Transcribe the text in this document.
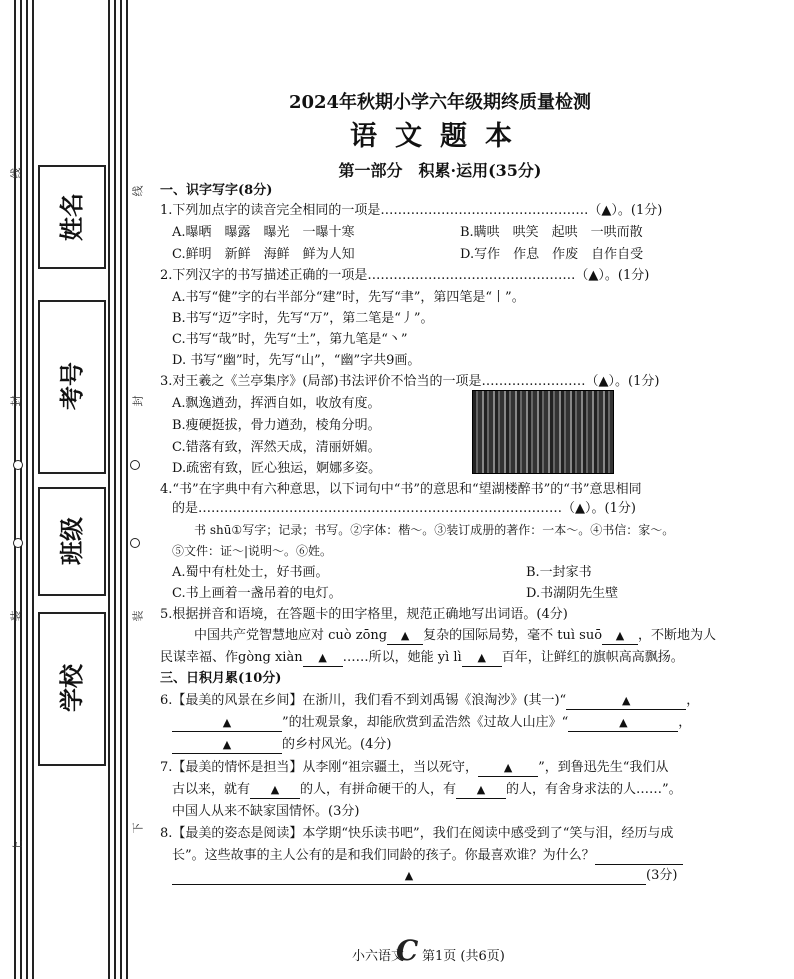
姓名
考号
班级
学校
线
封
装
上
线
封
装
下
2024年秋期小学六年级期终质量检测
语文题本
第一部分　积累·运用(35分)
一、识字写字(8分)
1.下列加点字的读音完全相同的一项是…………………………………………（▲）。(1分)
A.曝晒　曝露　曝光　一曝十寒	B.瞒哄　哄笑　起哄　一哄而散
C.鲜明　新鲜　海鲜　鲜为人知	D.写作　作息　作废　自作自受
2.下列汉字的书写描述正确的一项是…………………………………………（▲）。(1分)
A.书写“健”字的右半部分“建”时，先写“聿”，第四笔是“丨”。
B.书写“迈”字时，先写“万”，第二笔是“丿”。
C.书写“哉”时，先写“土”，第九笔是“丶”
D. 书写“幽”时，先写“山”，“幽”字共9画。
3.对王羲之《兰亭集序》(局部)书法评价不恰当的一项是……………………（▲）。(1分)
A.飘逸遒劲，挥洒自如，收放有度。
B.瘦硬挺拔，骨力遒劲，棱角分明。
C.错落有致，浑然天成，清丽妍媚。
D.疏密有致，匠心独运，婀娜多姿。
4.“书”在字典中有六种意思，以下词句中“书”的意思和“望湖楼醉书”的“书”意思相同
的是…………………………………………………………………………（▲）。(1分)
书 shū①写字；记录；书写。②字体：楷～。③装订成册的著作：一本～。④书信：家～。
⑤文件：证～|说明～。⑥姓。
A.蜀中有杜处士，好书画。	B.一封家书
C.书上画着一盏吊着的电灯。	D.书湖阴先生壁
5.根据拼音和语境，在答题卡的田字格里，规范正确地写出词语。(4分)
中国共产党智慧地应对 cuò zōng ▲ 复杂的国际局势，毫不 tuì suō ▲ ，不断地为人
民谋幸福、作gòng xiàn ▲ ……所以，她能 yì lì ▲ 百年，让鲜红的旗帜高高飘扬。
三、日积月累(10分)
6.【最美的风景在乡间】在浙川，我们看不到刘禹锡《浪淘沙》(其一)“	▲	，
▲	”的壮观景象，却能欣赏到孟浩然《过故人山庄》“	▲	，
▲	的乡村风光。(4分)
7.【最美的情怀是担当】从李刚“祖宗疆土，当以死守， ▲ ”，到鲁迅先生“我们从
古以来，就有 ▲ 的人，有拼命硬干的人，有 ▲ 的人，有舍身求法的人……”。
中国人从来不缺家国情怀。(3分)
8.【最美的姿态是阅读】本学期“快乐读书吧”，我们在阅读中感受到了“笑与泪，经历与成
长”。这些故事的主人公有的是和我们同龄的孩子。你最喜欢谁？为什么？
▲	(3分)
小六语文
C 第1页 (共6页)
